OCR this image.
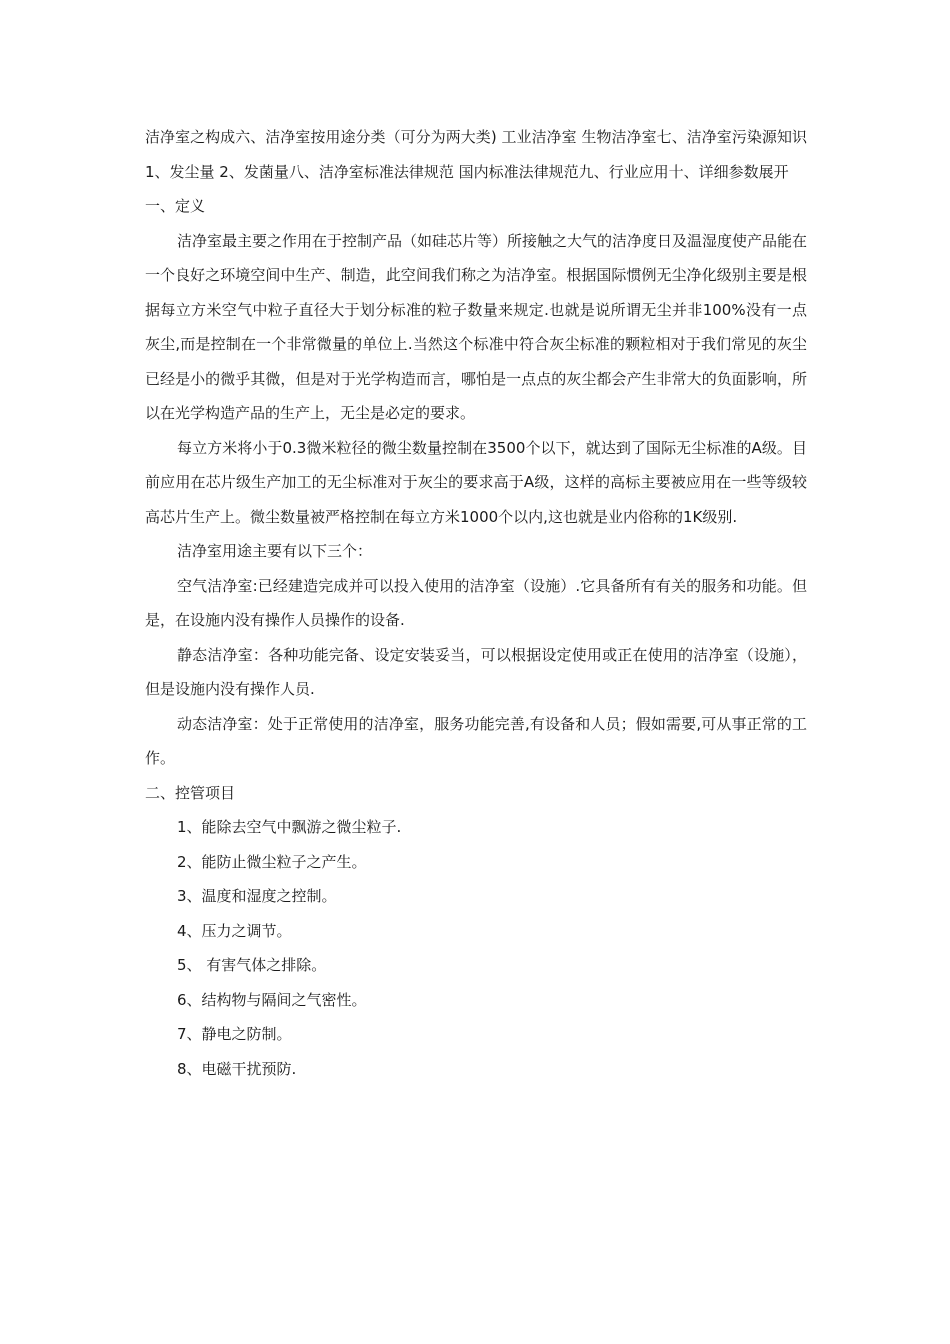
洁净室之构成六、洁净室按用途分类（可分为两大类) 工业洁净室 生物洁净室七、洁净室污染源知识 1、发尘量 2、发菌量八、洁净室标准法律规范 国内标准法律规范九、行业应用十、详细参数展开

一、定义

洁净室最主要之作用在于控制产品（如硅芯片等）所接触之大气的洁净度日及温湿度使产品能在一个良好之环境空间中生产、制造，此空间我们称之为洁净室。根据国际惯例无尘净化级别主要是根据每立方米空气中粒子直径大于划分标准的粒子数量来规定.也就是说所谓无尘并非100%没有一点灰尘,而是控制在一个非常微量的单位上.当然这个标准中符合灰尘标准的颗粒相对于我们常见的灰尘已经是小的微乎其微，但是对于光学构造而言，哪怕是一点点的灰尘都会产生非常大的负面影响，所以在光学构造产品的生产上，无尘是必定的要求。

每立方米将小于0.3微米粒径的微尘数量控制在3500个以下，就达到了国际无尘标准的A级。目前应用在芯片级生产加工的无尘标准对于灰尘的要求高于A级，这样的高标主要被应用在一些等级较高芯片生产上。微尘数量被严格控制在每立方米1000个以内,这也就是业内俗称的1K级别.

洁净室用途主要有以下三个：

空气洁净室:已经建造完成并可以投入使用的洁净室（设施）.它具备所有有关的服务和功能。但是，在设施内没有操作人员操作的设备.

静态洁净室：各种功能完备、设定安装妥当，可以根据设定使用或正在使用的洁净室（设施），但是设施内没有操作人员.

动态洁净室：处于正常使用的洁净室，服务功能完善,有设备和人员；假如需要,可从事正常的工作。

二、控管项目

1、能除去空气中飘游之微尘粒子.

2、能防止微尘粒子之产生。

3、温度和湿度之控制。

4、压力之调节。

5、 有害气体之排除。

6、结构物与隔间之气密性。

7、静电之防制。

8、电磁干扰预防.
